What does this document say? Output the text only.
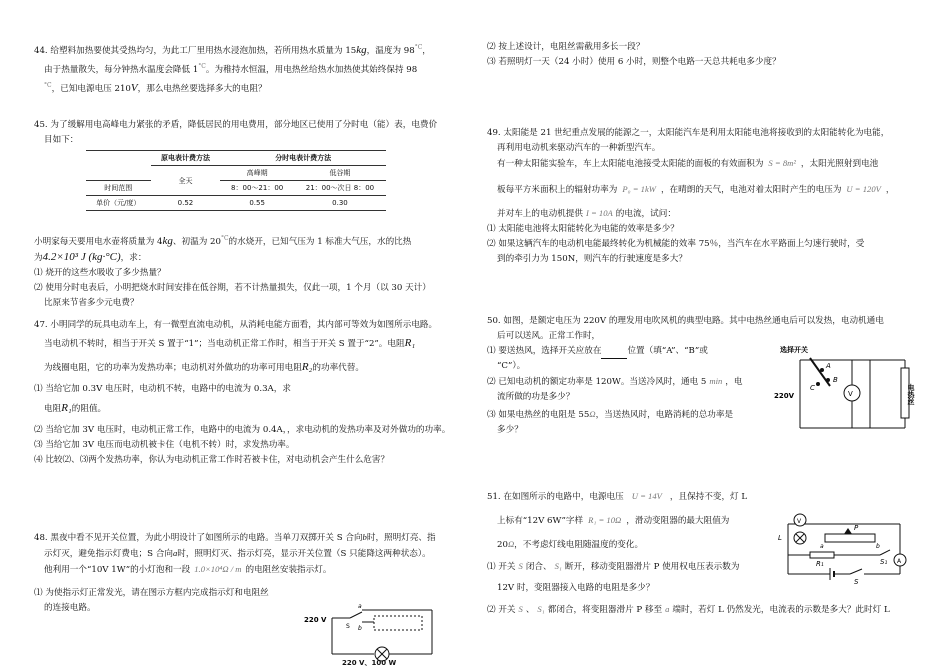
44. 给塑料加热要使其受热均匀，为此工厂里用热水浸泡加热，若所用热水质量为 15kg，温度为 $98^{^\circ C}$，

由于热量散失，每分钟热水温度会降低 $1^{^\circ C}$。为稚持水恒温，用电热丝给热水加热使其始终保持 98

$^{^\circ C}$，已知电源电压 210V，那么电热丝要选择多大的电阻？

45. 为了缓解用电高峰电力紧张的矛盾，降低居民的用电费用，部分地区已使用了分时电（能）表，电费价

目如下：

	原电表计费方法	分时电表计费方法	
	全天	高峰期	低谷期
时间范围		8：00～21：00	21：00～次日 8：00
单价（元/度）	0.52	0.55	0.30

小明家每天要用电水壶将质量为 4kg、初温为 $20^{^\circ C}$的水烧开，已知气压为 1 标准大气压，水的比热

为4.2×10³ J (kg·°C)，求：

⑴ 烧开的这些水吸收了多少热量？

⑵ 使用分时电表后，小明把烧水时间安排在低谷期，若不计热量损失，仅此一项，1 个月（以 30 天计）

比原来节省多少元电费？

47. 小明同学的玩具电动车上，有一微型直流电动机，从消耗电能方面看，其内部可等效为如图所示电路。

当电动机不转时，相当于开关 S 置于“1”；当电动机正常工作时，相当于开关 S 置于“2”。电阻R₁

为线圈电阻，它的功率为发热功率；电动机对外做功的功率可用电阻R₂的功率代替。

⑴ 当给它加 0.3V 电压时，电动机不转，电路中的电流为 0.3A，求

电阻R₁的阻值。

⑵ 当给它加 3V 电压时，电动机正常工作，电路中的电流为 0.4A，，求电动机的发热功率及对外做功的功率。

⑶ 当给它加 3V 电压而电动机被卡住（电机不转）时，求发热功率。

⑷ 比较⑵、⑶两个发热功率，你认为电动机正常工作时若被卡住，对电动机会产生什么危害？

48. 黑夜中看不见开关位置，为此小明设计了如图所示的电路。当单刀双掷开关 S 合向b时，照明灯亮、指

示灯灭，避免指示灯费电；S 合向a时，照明灯灭、指示灯亮，显示开关位置（S 只能降这两种状态）。

他利用一个“10V 1W”的小灯泡和一段 1.0×10⁴Ω / m 的电阻丝安装指示灯。

⑴ 为使指示灯正常发光，请在图示方框内完成指示灯和电阻丝

的连接电路。

220 V
S
a
b
220 V、100 W

⑵ 按上述设计，电阻丝需截用多长一段？

⑶ 若照明灯一天（24 小时）使用 6 小时，则整个电路一天总共耗电多少度？

49. 太阳能是 21 世纪重点发展的能源之一，太阳能汽车是利用太阳能电池将接收到的太阳能转化为电能，

再利用电动机来驱动汽车的一种新型汽车。

有一种太阳能实验车，车上太阳能电池接受太阳能的面板的有效面积为 S = 8m² ，太阳光照射到电池

板每平方米面积上的辐射功率为 P₀ = 1kW ，在晴朗的天气，电池对着太阳时产生的电压为 U = 120V ，

并对车上的电动机提供 I = 10A 的电流，试问：

⑴ 太阳能电池将太阳能转化为电能的效率是多少？

⑵ 如果这辆汽车的电动机电能最终转化为机械能的效率 75％，当汽车在水平路面上匀速行驶时，受

到的牵引力为 150N，则汽车的行驶速度是多大？

50. 如图，是额定电压为 220V 的理发用电吹风机的典型电路。其中电热丝通电后可以发热，电动机通电

后可以送风。正常工作时，

⑴ 要送热风，选择开关应放在	位置（填“A”、“B”或

“C”）。

⑵ 已知电动机的额定功率是 120W。当送冷风时，通电 5 min ，电

流所做的功是多少？

⑶ 如果电热丝的电阻是 55Ω，当送热风时，电路消耗的总功率是

多少？

选择开关
220V
A
B
C
V	电热丝

51. 在如图所示的电路中，电源电压 U = 14V ，且保持不变，灯 L

上标有“12V 6W”字样 R₁ = 10Ω ，滑动变阻器的最大阻值为

20Ω，不考虑灯线电阻随温度的变化。

⑴ 开关 S 闭合、 S₁ 断开，移动变阻器滑片 P 使用权电压表示数为

12V 时，变阻器接入电路的电阻是多少？

⑵ 开关 S 、 S₁ 都闭合，将变阻器滑片 P 移至 a 端时，若灯 L 仍然发光，电流表的示数是多大？此时灯 L

V
A
L
P
R₁
S
S₁
a	b
